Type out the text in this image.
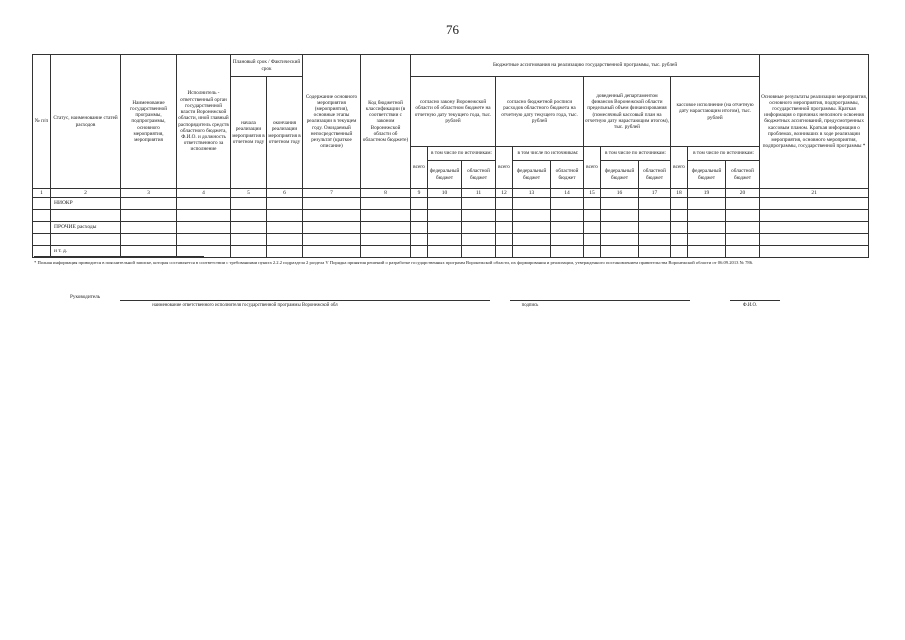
76
№ п/п	Статус, наименование статей расходов	Наименование государственной программы, подпрограммы, основного мероприятия, мероприятия	Исполнитель - ответственный орган государственной власти Воронежской области, иной главный распорядитель средств областного бюджета, Ф.И.О. и должность ответственного за исполнение	Плановый срок / Фактический срок		Содержание основного мероприятия (мероприятия), основные этапы реализации в текущем году. Ожидаемый непосредственный результат (краткое описание)	Код бюджетной классификации (в соответствии с законом Воронежской области об областном бюджете)	Бюджетные ассигнования на реализацию государственной программы, тыс. рублей												Основные результаты реализации мероприятия, основного мероприятия, подпрограммы, государственной программы. Краткая информация о причинах неполного освоения бюджетных ассигнований, предусмотренных кассовым планом. Краткая информация о проблемах, возникших в ходе реализации мероприятия, основного мероприятия, подпрограммы, государственной программы *
				начала реализации мероприятия в отчетном году	окончания реализации мероприятия в отчетном году			согласно закону Воронежской области об областном бюджете на отчетную дату текущего года, тыс. рублей			согласно бюджетной росписи расходов областного бюджета на отчетную дату текущего года, тыс. рублей			доведенный департаментом финансов Воронежской области предельный объем финансирования (помесячный кассовый план на отчетную дату нарастающим итогом), тыс. рублей			кассовое исполнение (на отчетную дату нарастающим итогом), тыс. рублей			
								всего	в том числе по источникам:		всего	в том числе по источникам:		всего	в том числе по источникам:		всего	в том числе по источникам:		
									федеральный бюджет	областной бюджет		федеральный бюджет	областной бюджет		федеральный бюджет	областной бюджет		федеральный бюджет	областной бюджет	

1	2	3	4	5	6	7	8	9	10	11	12	13	14	15	16	17	18	19	20	21
	НИОКР																			

	ПРОЧИЕ расходы																			

	и т. д.																			
* Полная информация приводится в пояснительной записке, которая составляется в соответствии с требованиями пункта 2.2.2 подраздела 2 раздела V Порядка принятия решений о разработке государственных программ Воронежской области, их формирования и реализации, утвержденного постановлением правительства Воронежской области от 06.09.2013 № 786.
Руководитель
наименование ответственного исполнителя государственной программы Воронежской обл	подпись	Ф.И.О.
